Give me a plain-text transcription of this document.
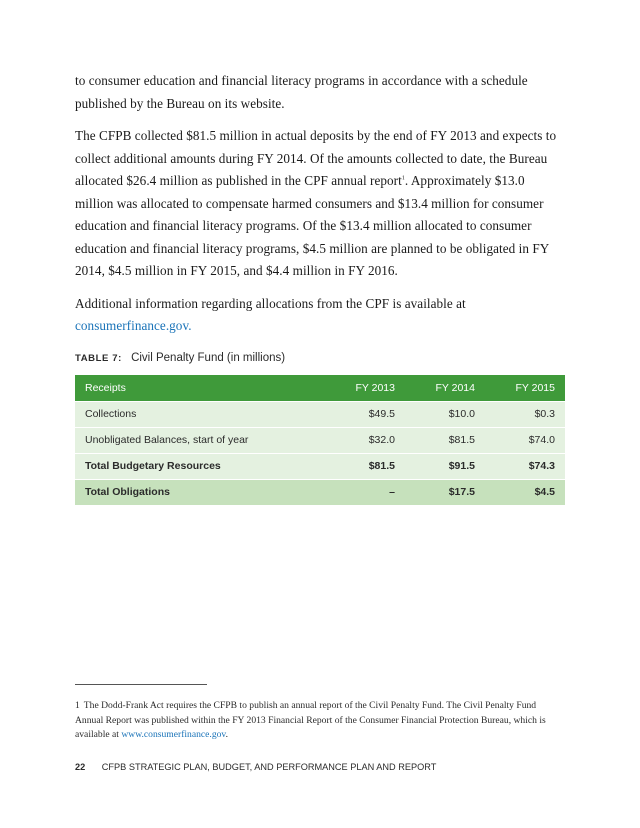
to consumer education and financial literacy programs in accordance with a schedule published by the Bureau on its website.

The CFPB collected $81.5 million in actual deposits by the end of FY 2013 and expects to collect additional amounts during FY 2014. Of the amounts collected to date, the Bureau allocated $26.4 million as published in the CPF annual report$^1$. Approximately $13.0 million was allocated to compensate harmed consumers and $13.4 million for consumer education and financial literacy programs. Of the $13.4 million allocated to consumer education and financial literacy programs, $4.5 million are planned to be obligated in FY 2014, $4.5 million in FY 2015, and $4.4 million in FY 2016.

Additional information regarding allocations from the CPF is available at consumerfinance.gov.

TABLE 7: Civil Penalty Fund (in millions)
Receipts	FY 2013	FY 2014	FY 2015
Collections	$49.5	$10.0	$0.3
Unobligated Balances, start of year	$32.0	$81.5	$74.0
Total Budgetary Resources	$81.5	$91.5	$74.3
Total Obligations	–	$17.5	$4.5
1 The Dodd-Frank Act requires the CFPB to publish an annual report of the Civil Penalty Fund. The Civil Penalty Fund Annual Report was published within the FY 2013 Financial Report of the Consumer Financial Protection Bureau, which is available at www.consumerfinance.gov.
22 CFPB STRATEGIC PLAN, BUDGET, AND PERFORMANCE PLAN AND REPORT
